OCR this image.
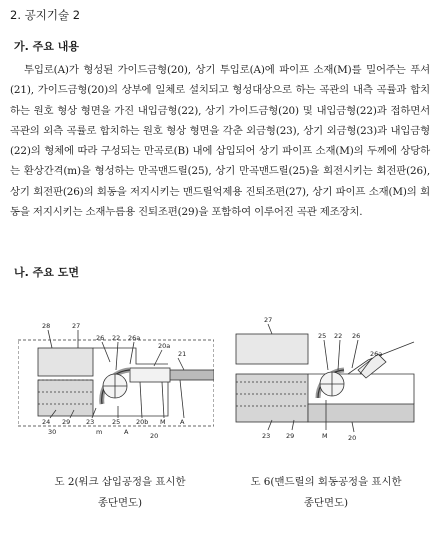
2. 공지기술 2
가. 주요 내용
투입로(A)가 형성된 가이드금형(20), 상기 투입로(A)에 파이프 소재(M)를 밀어주는 푸셔(21), 가이드금형(20)의 상부에 일체로 설치되고 형성대상으로 하는 곡관의 내측 곡률과 합치하는 원호 형상 형면을 가진 내입금형(22), 상기 가이드금형(20) 및 내입금형(22)과 접하면서 곡관의 외측 곡률로 합치하는 원호 형상 형면을 각춘 외금형(23), 상기 외금형(23)과 내입금형(22)의 형체에 따라 구성되는 만곡로(B) 내에 삽입되어 상기 파이프 소재(M)의 두께에 상당하는 환상간격(m)을 형성하는 만곡맨드릴(25), 상기 만곡맨드릴(25)을 회전시키는 회전판(26), 상기 회전판(26)의 회동을 저지시키는 맨드릴억제용 진퇴조편(27), 상기 파이프 소재(M)의 회동을 저지시키는 소재누름용 진퇴조편(29)을 포함하여 이루어진 곡관 제조장치.
나. 주요 도면
28	27
26 22 26a
20a
21
24 29 23	25 20b M A
30	m	A	20
27
25 22 26
26a
23 29	M	20
도 2(워크 삽입공정을 표시한
종단면도)
도 6(맨드릴의 회동공정을 표시한
종단면도)
